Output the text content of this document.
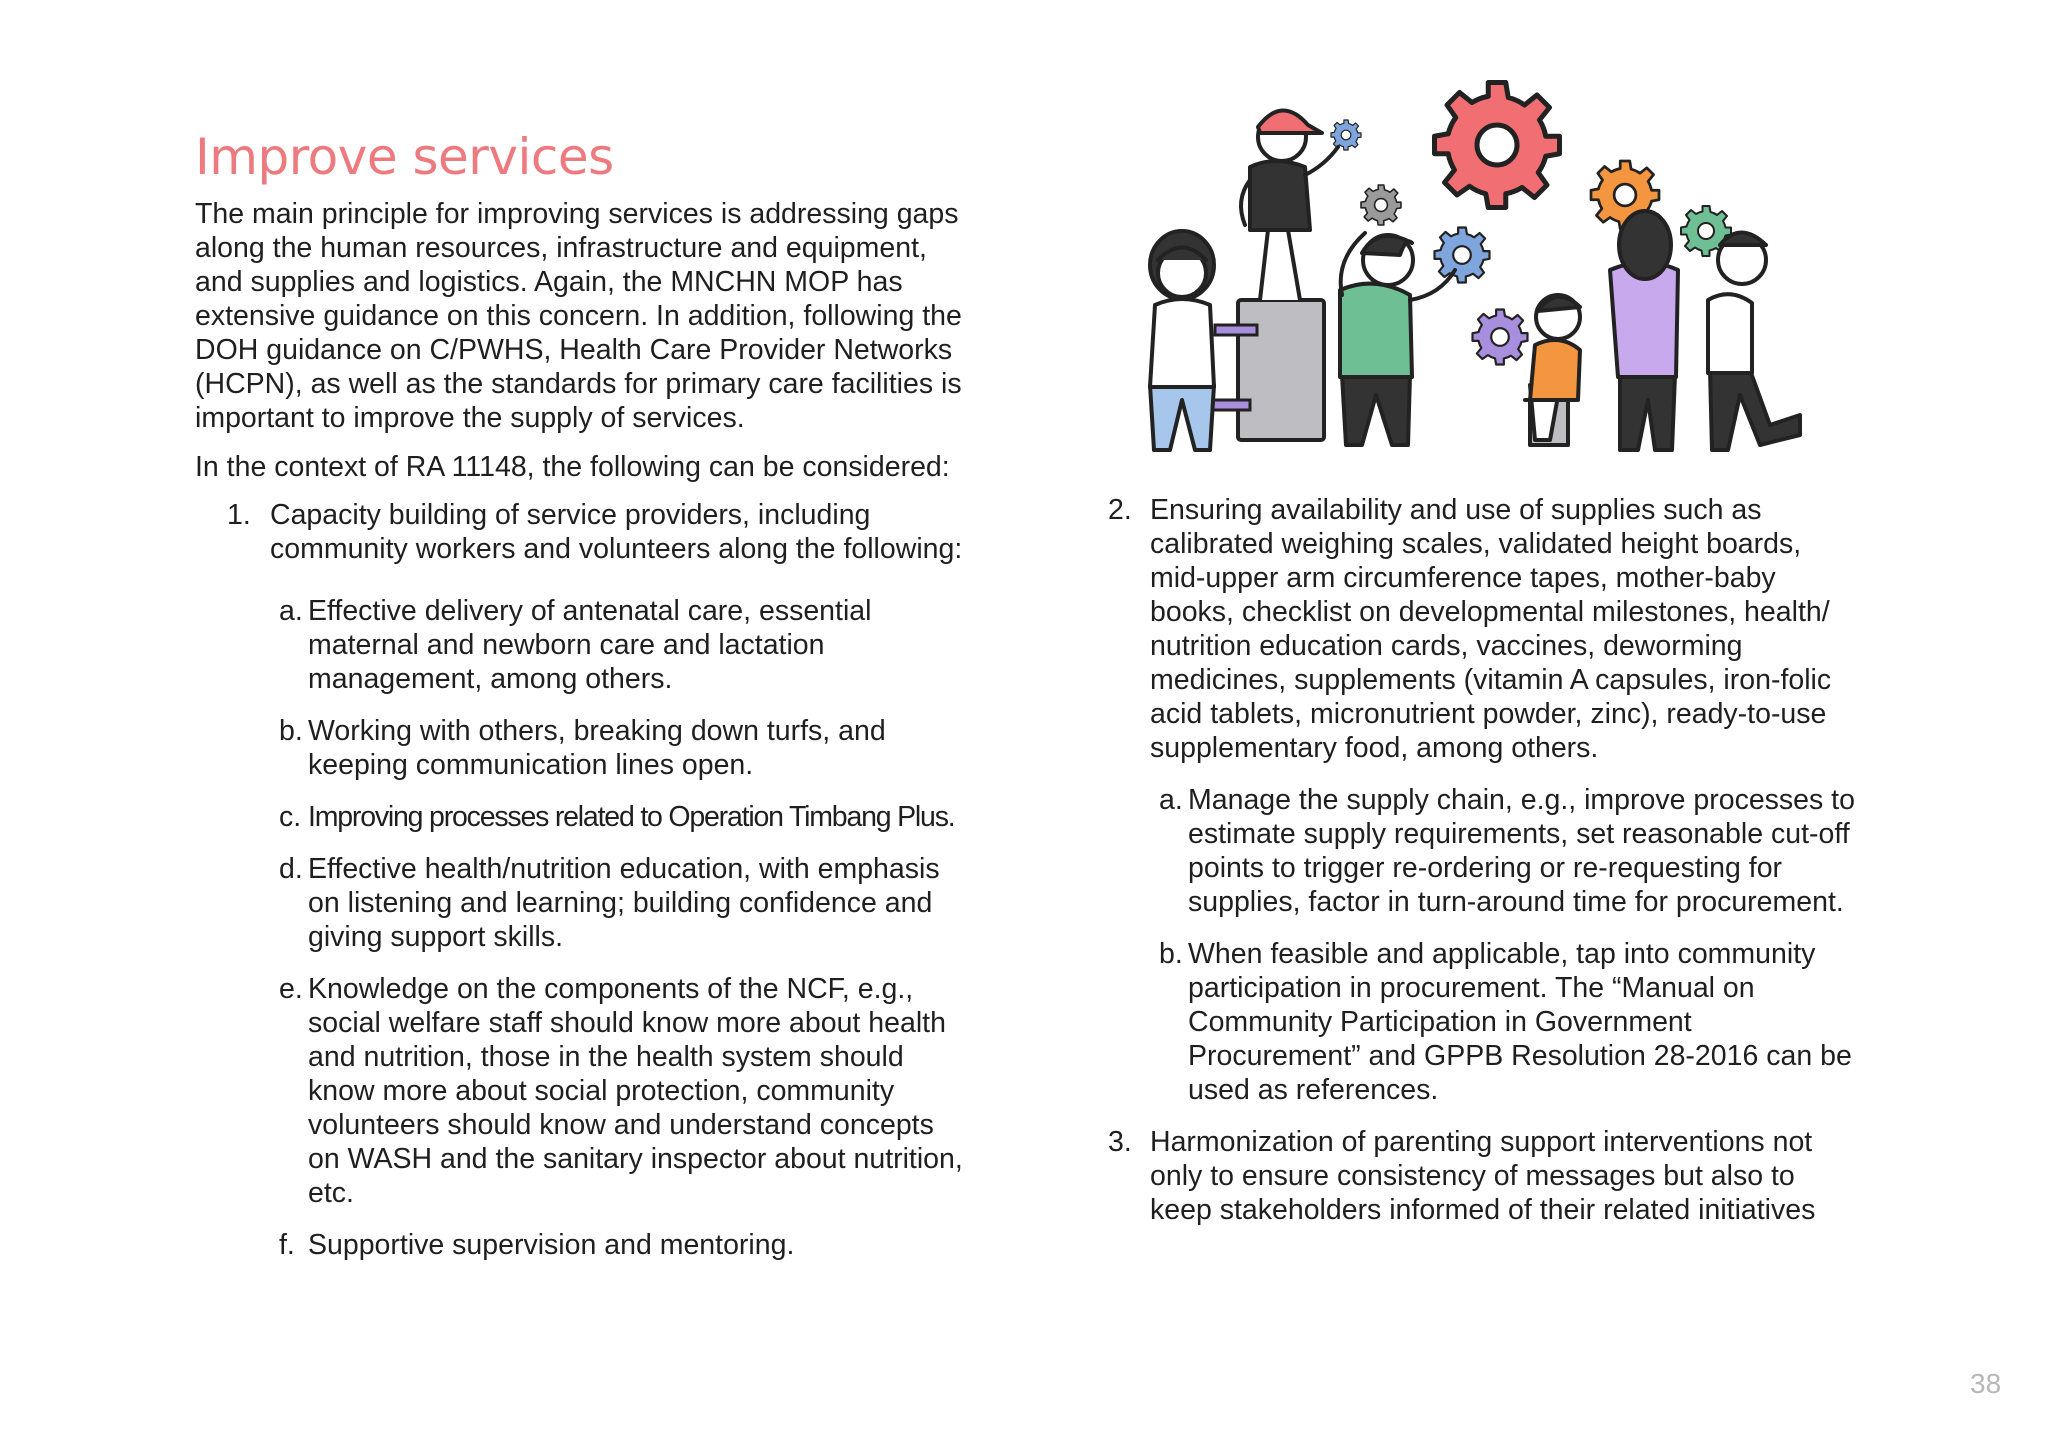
Improve services

The main principle for improving services is addressing gaps along the human resources, infrastructure and equipment, and supplies and logistics. Again, the MNCHN MOP has extensive guidance on this concern. In addition, following the DOH guidance on C/PWHS, Health Care Provider Networks (HCPN), as well as the standards for primary care facilities is important to improve the supply of services.

In the context of RA 11148, the following can be considered:

1. Capacity building of service providers, including community workers and volunteers along the following:
a. Effective delivery of antenatal care, essential maternal and newborn care and lactation management, among others.
b. Working with others, breaking down turfs, and keeping communication lines open.
c. Improving processes related to Operation Timbang Plus.
d. Effective health/nutrition education, with emphasis on listening and learning; building confidence and giving support skills.
e. Knowledge on the components of the NCF, e.g., social welfare staff should know more about health and nutrition, those in the health system should know more about social protection, community volunteers should know and understand concepts on WASH and the sanitary inspector about nutrition, etc.
f. Supportive supervision and mentoring.
2. Ensuring availability and use of supplies such as calibrated weighing scales, validated height boards, mid-upper arm circumference tapes, mother-baby books, checklist on developmental milestones, health/ nutrition education cards, vaccines, deworming medicines, supplements (vitamin A capsules, iron-folic acid tablets, micronutrient powder, zinc), ready-to-use supplementary food, among others.
a. Manage the supply chain, e.g., improve processes to estimate supply requirements, set reasonable cut-off points to trigger re-ordering or re-requesting for supplies, factor in turn-around time for procurement.
b. When feasible and applicable, tap into community participation in procurement. The “Manual on Community Participation in Government Procurement” and GPPB Resolution 28-2016 can be used as references.
3. Harmonization of parenting support interventions not only to ensure consistency of messages but also to keep stakeholders informed of their related initiatives
38
